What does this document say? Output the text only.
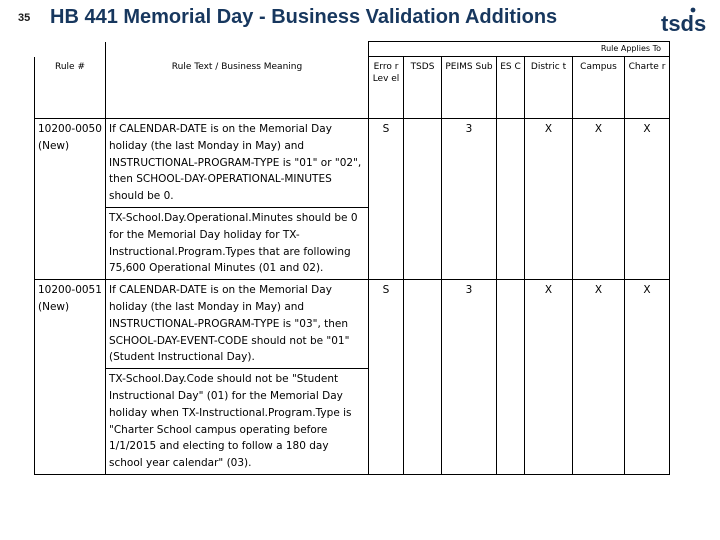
35 HB 441 Memorial Day - Business Validation Additions	tsds
		Rule Applies To						
Rule #	Rule Text / Business Meaning	Erro r Lev el	TSDS	PEIMS Sub	ES C	Distric t	Campus	Charte r
10200-0050 (New)	If CALENDAR-DATE is on the Memorial Day holiday (the last Monday in May) and INSTRUCTIONAL-PROGRAM-TYPE is "01" or "02", then SCHOOL-DAY-OPERATIONAL-MINUTES should be 0.	S		3		X	X	X
	TX-School.Day.Operational.Minutes should be 0 for the Memorial Day holiday for TX-Instructional.Program.Types that are following 75,600 Operational Minutes (01 and 02).							
10200-0051 (New)	If CALENDAR-DATE is on the Memorial Day holiday (the last Monday in May) and INSTRUCTIONAL-PROGRAM-TYPE is "03", then SCHOOL-DAY-EVENT-CODE should not be "01" (Student Instructional Day).	S		3		X	X	X
	TX-School.Day.Code should not be "Student Instructional Day" (01) for the Memorial Day holiday when TX-Instructional.Program.Type is "Charter School campus operating before 1/1/2015 and electing to follow a 180 day school year calendar" (03).							
